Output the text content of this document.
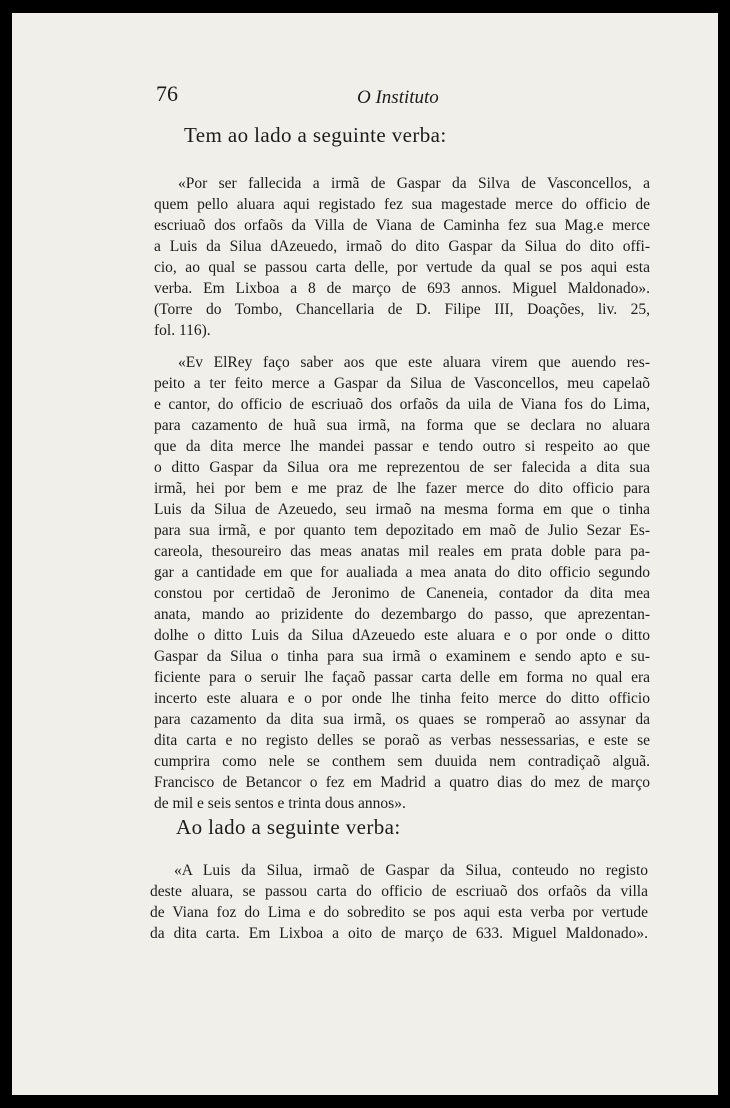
76	O Instituto
Tem ao lado a seguinte verba:
«Por ser fallecida a irmã de Gaspar da Silva de Vasconcellos, a
quem pello aluara aqui registado fez sua magestade merce do officio de
escriuaõ dos orfaõs da Villa de Viana de Caminha fez sua Mag.e merce
a Luis da Silua dAzeuedo, irmaõ do dito Gaspar da Silua do dito offi-
cio, ao qual se passou carta delle, por vertude da qual se pos aqui esta
verba. Em Lixboa a 8 de março de 693 annos. Miguel Maldonado».
(Torre do Tombo, Chancellaria de D. Filipe III, Doações, liv. 25,
fol. 116).
«Ev ElRey faço saber aos que este aluara virem que auendo res-
peito a ter feito merce a Gaspar da Silua de Vasconcellos, meu capelaõ
e cantor, do officio de escriuaõ dos orfaõs da uila de Viana fos do Lima,
para cazamento de huã sua irmã, na forma que se declara no aluara
que da dita merce lhe mandei passar e tendo outro si respeito ao que
o ditto Gaspar da Silua ora me reprezentou de ser falecida a dita sua
irmã, hei por bem e me praz de lhe fazer merce do dito officio para
Luis da Silua de Azeuedo, seu irmaõ na mesma forma em que o tinha
para sua irmã, e por quanto tem depozitado em maõ de Julio Sezar Es-
careola, thesoureiro das meas anatas mil reales em prata doble para pa-
gar a cantidade em que for aualiada a mea anata do dito officio segundo
constou por certidaõ de Jeronimo de Caneneia, contador da dita mea
anata, mando ao prizidente do dezembargo do passo, que aprezentan-
dolhe o ditto Luis da Silua dAzeuedo este aluara e o por onde o ditto
Gaspar da Silua o tinha para sua irmã o examinem e sendo apto e su-
ficiente para o seruir lhe façaõ passar carta delle em forma no qual era
incerto este aluara e o por onde lhe tinha feito merce do ditto officio
para cazamento da dita sua irmã, os quaes se romperaõ ao assynar da
dita carta e no registo delles se poraõ as verbas nessessarias, e este se
cumprira como nele se conthem sem duuida nem contradiçaõ alguã.
Francisco de Betancor o fez em Madrid a quatro dias do mez de março
de mil e seis sentos e trinta dous annos».
Ao lado a seguinte verba:
«A Luis da Silua, irmaõ de Gaspar da Silua, conteudo no registo
deste aluara, se passou carta do officio de escriuaõ dos orfaõs da villa
de Viana foz do Lima e do sobredito se pos aqui esta verba por vertude
da dita carta. Em Lixboa a oito de março de 633. Miguel Maldonado».
